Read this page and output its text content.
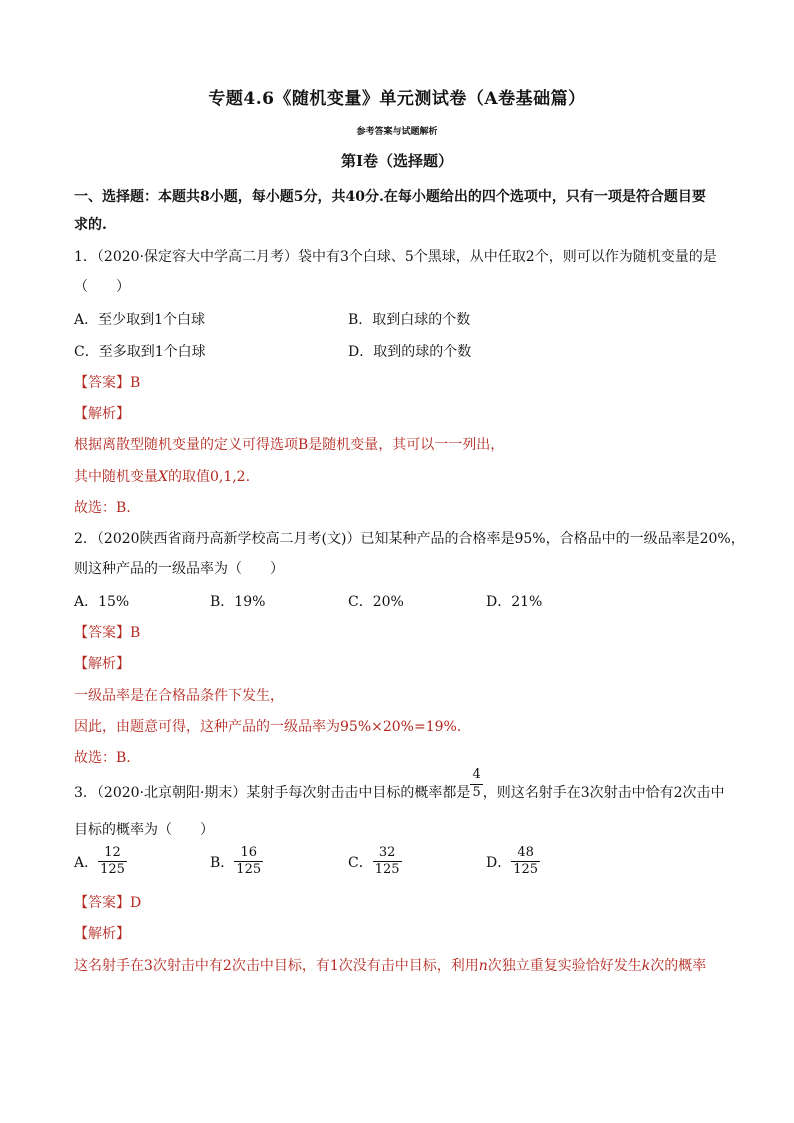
专题4.6《随机变量》单元测试卷（A卷基础篇）
参考答案与试题解析
第Ⅰ卷（选择题）
一、选择题：本题共8小题，每小题5分，共40分.在每小题给出的四个选项中，只有一项是符合题目要
求的.
1．（2020·保定容大中学高二月考）袋中有3个白球、5个黑球，从中任取2个，则可以作为随机变量的是
（　　）
A．至少取到1个白球	B．取到白球的个数
C．至多取到1个白球	D．取到的球的个数
【答案】B
【解析】
根据离散型随机变量的定义可得选项B是随机变量，其可以一一列出，
其中随机变量X的取值0,1,2.
故选：B.
2．（2020陕西省商丹高新学校高二月考(文)）已知某种产品的合格率是95%，合格品中的一级品率是20%，
则这种产品的一级品率为（　　）
A．15%	B．19%	C．20%	D．21%
【答案】B
【解析】
一级品率是在合格品条件下发生，
因此，由题意可得，这种产品的一级品率为95%×20%=19%.
故选：B.
3．（2020·北京朝阳·期末）某射手每次射击击中目标的概率都是 $\frac{4}{5}$ ，则这名射手在3次射击中恰有2次击中
目标的概率为（　　）
A． $\frac{12}{125}$	B． $\frac{16}{125}$	C． $\frac{32}{125}$	D． $\frac{48}{125}$
【答案】D
【解析】
这名射手在3次射击中有2次击中目标，有1次没有击中目标，利用n次独立重复实验恰好发生k次的概率
